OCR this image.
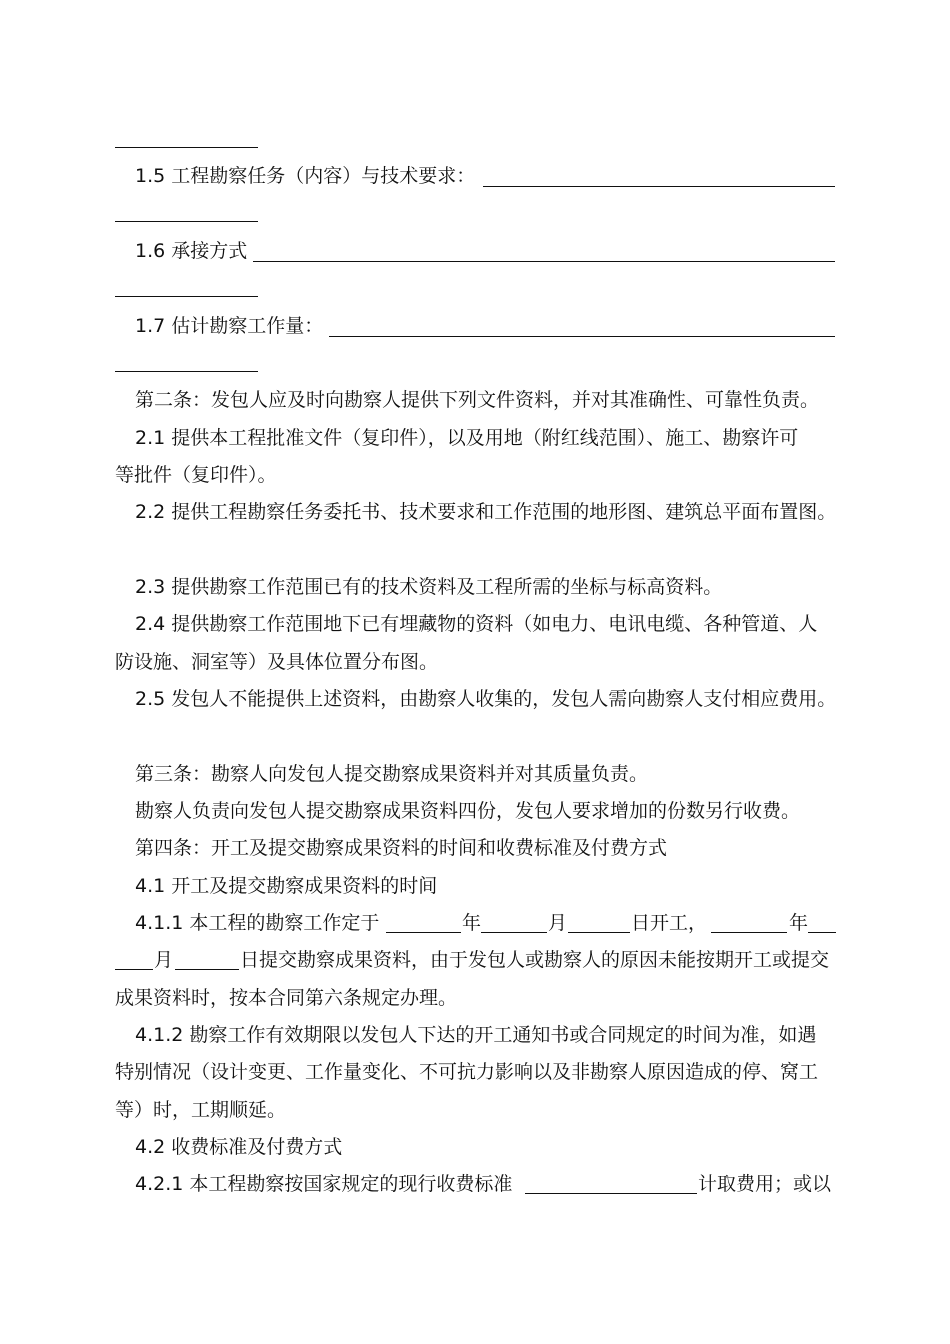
1.5 工程勘察任务（内容）与技术要求：
1.6 承接方式
1.7 估计勘察工作量：
第二条：发包人应及时向勘察人提供下列文件资料，并对其准确性、可靠性负责。
2.1 提供本工程批准文件（复印件），以及用地（附红线范围）、施工、勘察许可
等批件（复印件）。
2.2 提供工程勘察任务委托书、技术要求和工作范围的地形图、建筑总平面布置图。
2.3 提供勘察工作范围已有的技术资料及工程所需的坐标与标高资料。
2.4 提供勘察工作范围地下已有埋藏物的资料（如电力、电讯电缆、各种管道、人
防设施、洞室等）及具体位置分布图。
2.5 发包人不能提供上述资料，由勘察人收集的，发包人需向勘察人支付相应费用。
第三条：勘察人向发包人提交勘察成果资料并对其质量负责。
勘察人负责向发包人提交勘察成果资料四份，发包人要求增加的份数另行收费。
第四条：开工及提交勘察成果资料的时间和收费标准及付费方式
4.1 开工及提交勘察成果资料的时间
4.1.1 本工程的勘察工作定于	年	月	日开工，	年
月	日提交勘察成果资料，由于发包人或勘察人的原因未能按期开工或提交
成果资料时，按本合同第六条规定办理。
4.1.2 勘察工作有效期限以发包人下达的开工通知书或合同规定的时间为准，如遇
特别情况（设计变更、工作量变化、不可抗力影响以及非勘察人原因造成的停、窝工
等）时，工期顺延。
4.2 收费标准及付费方式
4.2.1 本工程勘察按国家规定的现行收费标准	计取费用；或以
